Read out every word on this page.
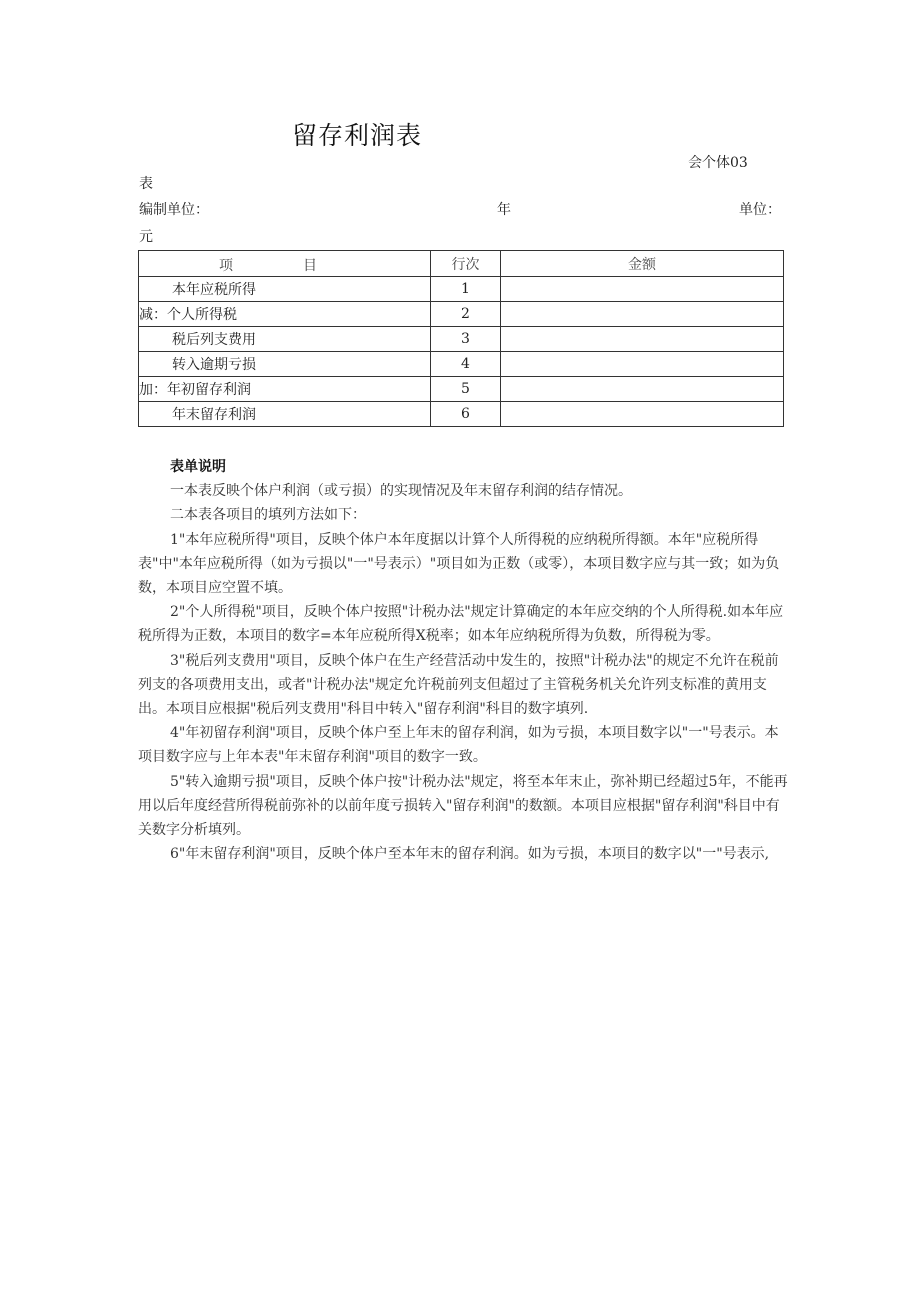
留存利润表
会个体03
表
编制单位：	年	单位：
元
项 目	行次	金额
本年应税所得	1	
减：个人所得税	2	
税后列支费用	3	
转入逾期亏损	4	
加：年初留存利润	5	
年末留存利润	6	
表单说明

一本表反映个体户利润（或亏损）的实现情况及年末留存利润的结存情况。

二本表各项目的填列方法如下：

1"本年应税所得"项目，反映个体户本年度据以计算个人所得税的应纳税所得额。本年"应税所得表"中"本年应税所得（如为亏损以"一"号表示）"项目如为正数（或零），本项目数字应与其一致；如为负数，本项目应空置不填。

2"个人所得税"项目，反映个体户按照"计税办法"规定计算确定的本年应交纳的个人所得税.如本年应税所得为正数，本项目的数字=本年应税所得X税率；如本年应纳税所得为负数，所得税为零。

3"税后列支费用"项目，反映个体户在生产经营活动中发生的，按照"计税办法"的规定不允许在税前列支的各项费用支出，或者"计税办法"规定允许税前列支但超过了主管税务机关允许列支标准的黄用支出。本项目应根据"税后列支费用"科目中转入"留存利润"科目的数字填列.

4"年初留存利润"项目，反映个体户至上年末的留存利润，如为亏损，本项目数字以"一"号表示。本项目数字应与上年本表"年末留存利润"项目的数字一致。

5"转入逾期亏损"项目，反映个体户按"计税办法"规定，将至本年末止，弥补期已经超过5年，不能再用以后年度经营所得税前弥补的以前年度亏损转入"留存利润"的数额。本项目应根据"留存利润"科目中有关数字分析填列。

6"年末留存利润"项目，反映个体户至本年末的留存利润。如为亏损，本项目的数字以"一"号表示,
